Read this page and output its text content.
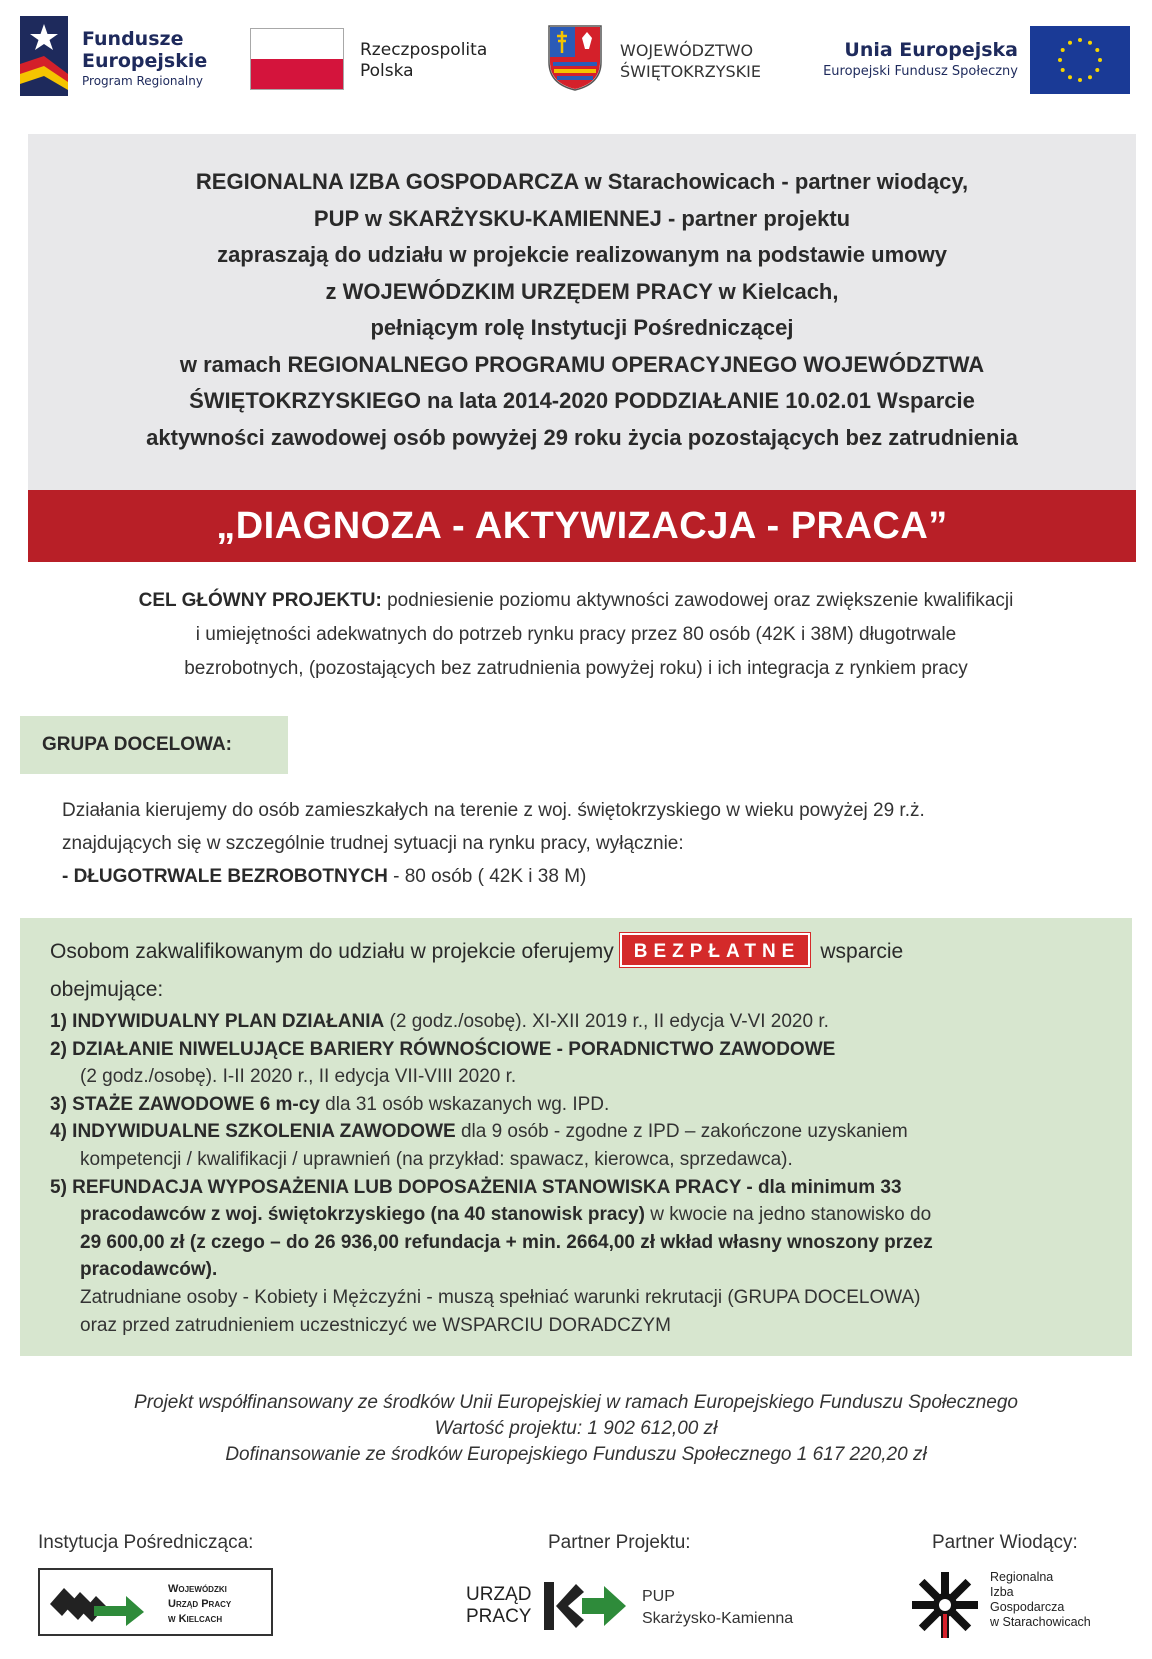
Fundusze
Europejskie
Program Regionalny
Rzeczpospolita
Polska
WOJEWÓDZTWO
ŚWIĘTOKRZYSKIE
Unia Europejska
Europejski Fundusz Społeczny
REGIONALNA IZBA GOSPODARCZA w Starachowicach - partner wiodący,
PUP w SKARŻYSKU-KAMIENNEJ - partner projektu
zapraszają do udziału w projekcie realizowanym na podstawie umowy
z WOJEWÓDZKIM URZĘDEM PRACY w Kielcach,
pełniącym rolę Instytucji Pośredniczącej
w ramach REGIONALNEGO PROGRAMU OPERACYJNEGO WOJEWÓDZTWA
ŚWIĘTOKRZYSKIEGO na lata 2014-2020 PODDZIAŁANIE 10.02.01 Wsparcie
aktywności zawodowej osób powyżej 29 roku życia pozostających bez zatrudnienia
„DIAGNOZA - AKTYWIZACJA - PRACA”
CEL GŁÓWNY PROJEKTU: podniesienie poziomu aktywności zawodowej oraz zwiększenie kwalifikacji
i umiejętności adekwatnych do potrzeb rynku pracy przez 80 osób (42K i 38M) długotrwale
bezrobotnych, (pozostających bez zatrudnienia powyżej roku) i ich integracja z rynkiem pracy
GRUPA DOCELOWA:
Działania kierujemy do osób zamieszkałych na terenie z woj. świętokrzyskiego w wieku powyżej 29 r.ż.
znajdujących się w szczególnie trudnej sytuacji na rynku pracy, wyłącznie:
- DŁUGOTRWALE BEZROBOTNYCH - 80 osób ( 42K i 38 M)
Osobom zakwalifikowanym do udziału w projekcie oferujemy BEZPŁATNE wsparcie
obejmujące:
1) INDYWIDUALNY PLAN DZIAŁANIA (2 godz./osobę). XI-XII 2019 r., II edycja V-VI 2020 r.
2) DZIAŁANIE NIWELUJĄCE BARIERY RÓWNOŚCIOWE - PORADNICTWO ZAWODOWE
(2 godz./osobę). I-II 2020 r., II edycja VII-VIII 2020 r.
3) STAŻE ZAWODOWE 6 m-cy dla 31 osób wskazanych wg. IPD.
4) INDYWIDUALNE SZKOLENIA ZAWODOWE dla 9 osób - zgodne z IPD – zakończone uzyskaniem
kompetencji / kwalifikacji / uprawnień (na przykład: spawacz, kierowca, sprzedawca).
5) REFUNDACJA WYPOSAŻENIA LUB DOPOSAŻENIA STANOWISKA PRACY - dla minimum 33
pracodawców z woj. świętokrzyskiego (na 40 stanowisk pracy) w kwocie na jedno stanowisko do
29 600,00 zł (z czego – do 26 936,00 refundacja + min. 2664,00 zł wkład własny wnoszony przez
pracodawców).
Zatrudniane osoby - Kobiety i Mężczyźni - muszą spełniać warunki rekrutacji (GRUPA DOCELOWA)
oraz przed zatrudnieniem uczestniczyć we WSPARCIU DORADCZYM
Projekt współfinansowany ze środków Unii Europejskiej w ramach Europejskiego Funduszu Społecznego
Wartość projektu: 1 902 612,00 zł
Dofinansowanie ze środków Europejskiego Funduszu Społecznego 1 617 220,20 zł
Instytucja Pośrednicząca:	Partner Projektu:	Partner Wiodący:
Wojewódzki
Urząd Pracy
w Kielcach
URZĄD
PRACY
PUP
Skarżysko-Kamienna
Regionalna
Izba
Gospodarcza
w Starachowicach
